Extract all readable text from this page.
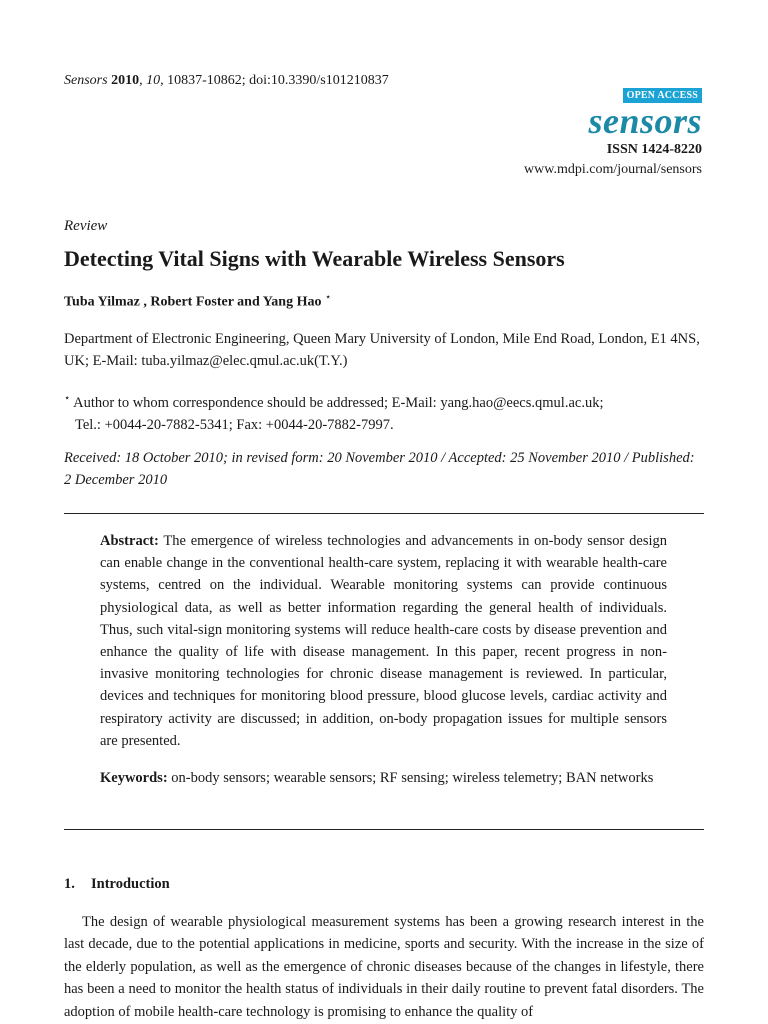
Sensors 2010, 10, 10837-10862; doi:10.3390/s101210837
OPEN ACCESS
sensors
ISSN 1424-8220
www.mdpi.com/journal/sensors
Review
Detecting Vital Signs with Wearable Wireless Sensors
Tuba Yilmaz , Robert Foster and Yang Hao ⋆
Department of Electronic Engineering, Queen Mary University of London, Mile End Road, London, E1 4NS, UK; E-Mail: tuba.yilmaz@elec.qmul.ac.uk(T.Y.)
⋆ Author to whom correspondence should be addressed; E-Mail: yang.hao@eecs.qmul.ac.uk;
Tel.: +0044-20-7882-5341; Fax: +0044-20-7882-7997.
Received: 18 October 2010; in revised form: 20 November 2010 / Accepted: 25 November 2010 / Published: 2 December 2010
Abstract: The emergence of wireless technologies and advancements in on-body sensor design can enable change in the conventional health-care system, replacing it with wearable health-care systems, centred on the individual. Wearable monitoring systems can provide continuous physiological data, as well as better information regarding the general health of individuals. Thus, such vital-sign monitoring systems will reduce health-care costs by disease prevention and enhance the quality of life with disease management. In this paper, recent progress in non-invasive monitoring technologies for chronic disease management is reviewed. In particular, devices and techniques for monitoring blood pressure, blood glucose levels, cardiac activity and respiratory activity are discussed; in addition, on-body propagation issues for multiple sensors are presented.
Keywords: on-body sensors; wearable sensors; RF sensing; wireless telemetry; BAN networks
1. Introduction
The design of wearable physiological measurement systems has been a growing research interest in the last decade, due to the potential applications in medicine, sports and security. With the increase in the size of the elderly population, as well as the emergence of chronic diseases because of the changes in lifestyle, there has been a need to monitor the health status of individuals in their daily routine to prevent fatal disorders. The adoption of mobile health-care technology is promising to enhance the quality of
